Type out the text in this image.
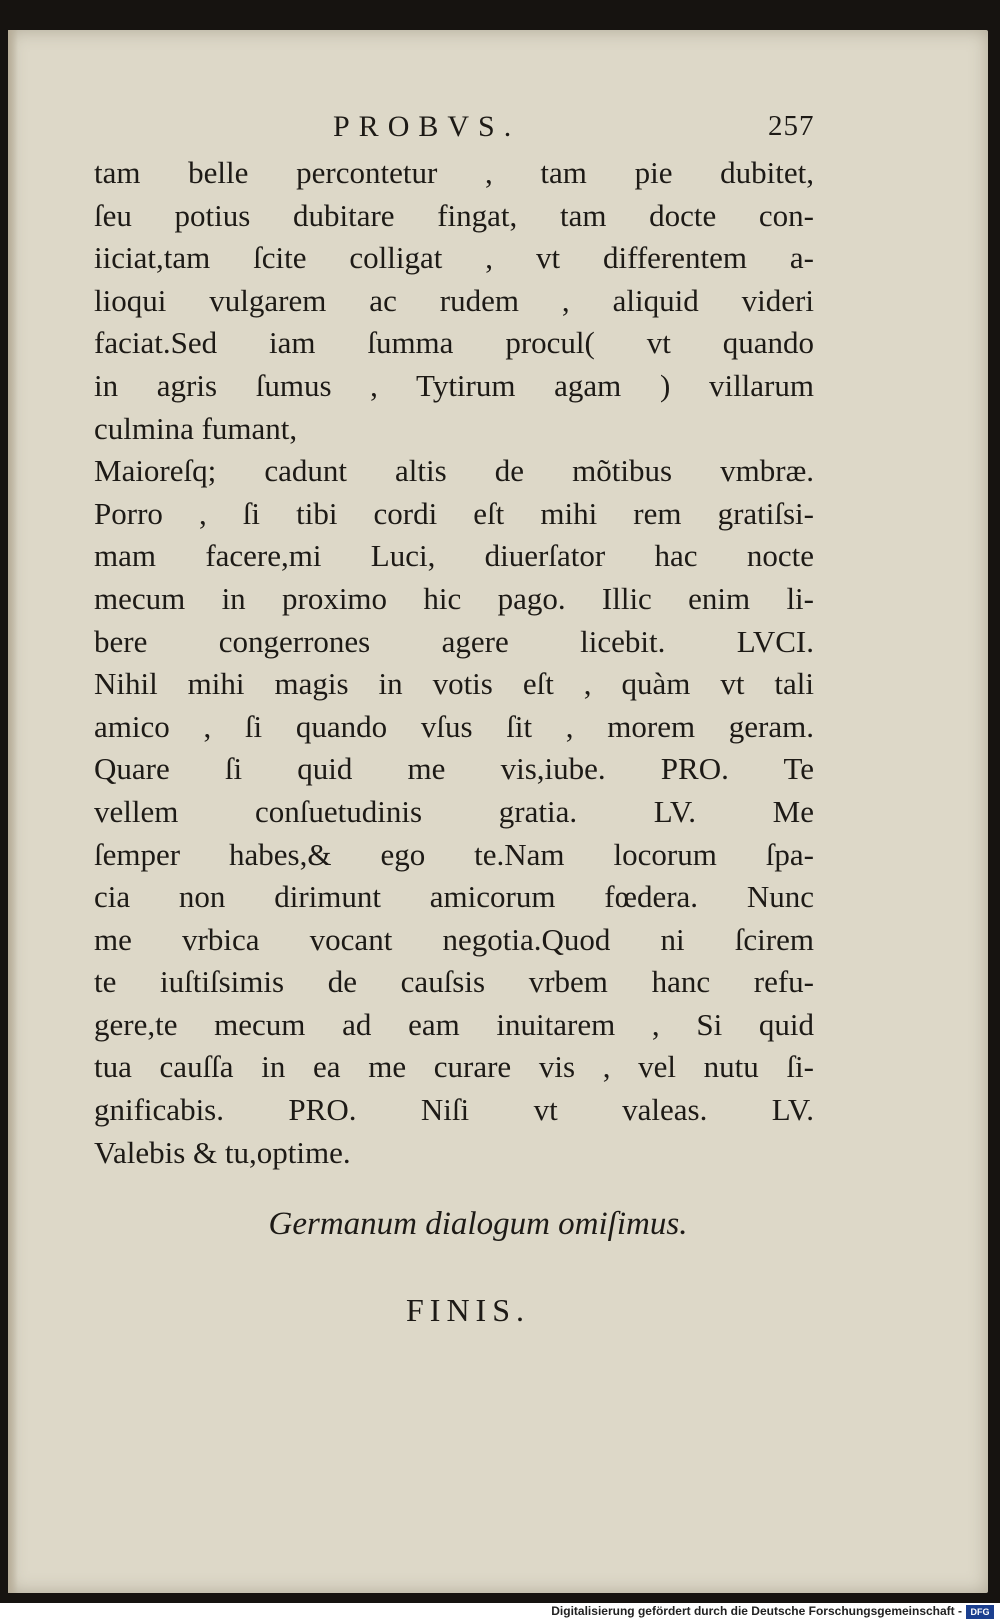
PROBVS.	257
tam belle percontetur , tam pie dubitet,
ſeu potius dubitare fingat, tam docte con-
iiciat,tam ſcite colligat , vt differentem a-
lioqui vulgarem ac rudem , aliquid videri
faciat.Sed iam ſumma procul( vt quando
in agris ſumus , Tytirum agam ) villarum
culmina fumant,
Maioreſq; cadunt altis de mõtibus vmbræ.
Porro , ſi tibi cordi eſt mihi rem gratiſsi-
mam facere,mi Luci, diuerſator hac nocte
mecum in proximo hic pago. Illic enim li-
bere congerrones agere licebit. LVCI.
Nihil mihi magis in votis eſt , quàm vt tali
amico , ſi quando vſus ſit , morem geram.
Quare ſi quid me vis,iube. PRO. Te
vellem conſuetudinis gratia. LV. Me
ſemper habes,& ego te.Nam locorum ſpa-
cia non dirimunt amicorum fœdera. Nunc
me vrbica vocant negotia.Quod ni ſcirem
te iuſtiſsimis de cauſsis vrbem hanc refu-
gere,te mecum ad eam inuitarem , Si quid
tua cauſſa in ea me curare vis , vel nutu ſi-
gnificabis. PRO. Niſi vt valeas. LV.
Valebis & tu,optime.
Germanum dialogum omiſimus.
FINIS.
Digitalisierung gefördert durch die Deutsche Forschungsgemeinschaft - DFG
